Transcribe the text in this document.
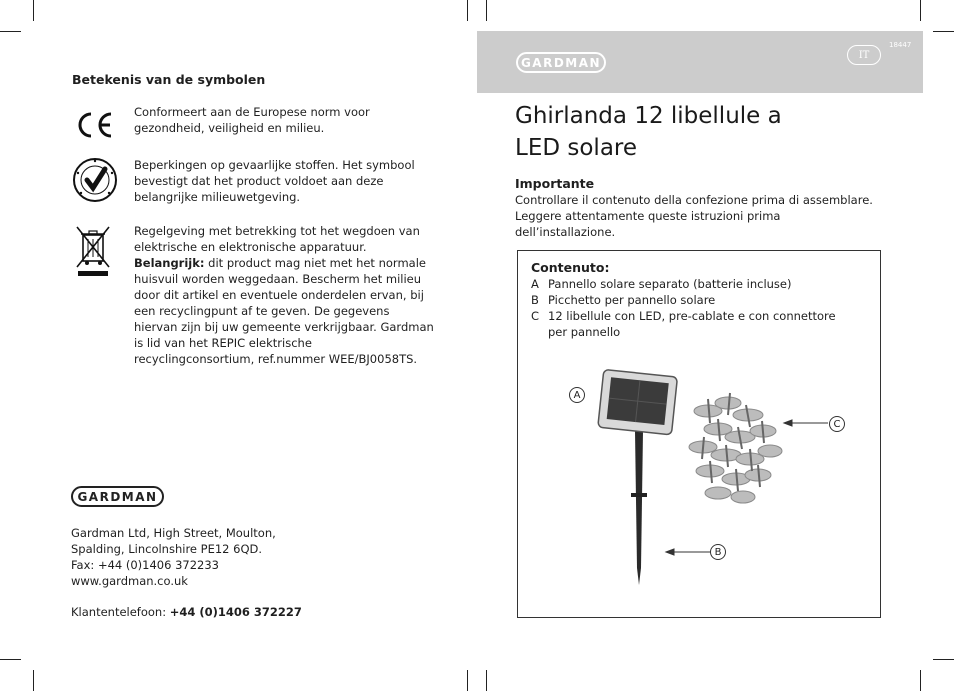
Betekenis van de symbolen
Conformeert aan de Europese norm voor gezondheid, veiligheid en milieu.
Beperkingen op gevaarlijke stoffen. Het symbool bevestigt dat het product voldoet aan deze belangrijke milieuwetgeving.
Regelgeving met betrekking tot het wegdoen van elektrische en elektronische apparatuur. Belangrijk: dit product mag niet met het normale huisvuil worden weggedaan. Bescherm het milieu door dit artikel en eventuele onderdelen ervan, bij een recyclingpunt af te geven. De gegevens hiervan zijn bij uw gemeente verkrijgbaar. Gardman is lid van het REPIC elektrische recyclingconsortium, ref.nummer WEE/BJ0058TS.
GARDMAN
Gardman Ltd, High Street, Moulton,
Spalding, Lincolnshire PE12 6QD.
Fax: +44 (0)1406 372233
www.gardman.co.uk
Klantentelefoon: +44 (0)1406 372227
GARDMAN
IT
18447
Ghirlanda 12 libellule a
LED solare
Importante
Controllare il contenuto della confezione prima di assemblare.
Leggere attentamente queste istruzioni prima
dell’installazione.
Contenuto:
A Pannello solare separato (batterie incluse)
B Picchetto per pannello solare
C 12 libellule con LED, pre-cablate e con connettore
per pannello
A
C
B
